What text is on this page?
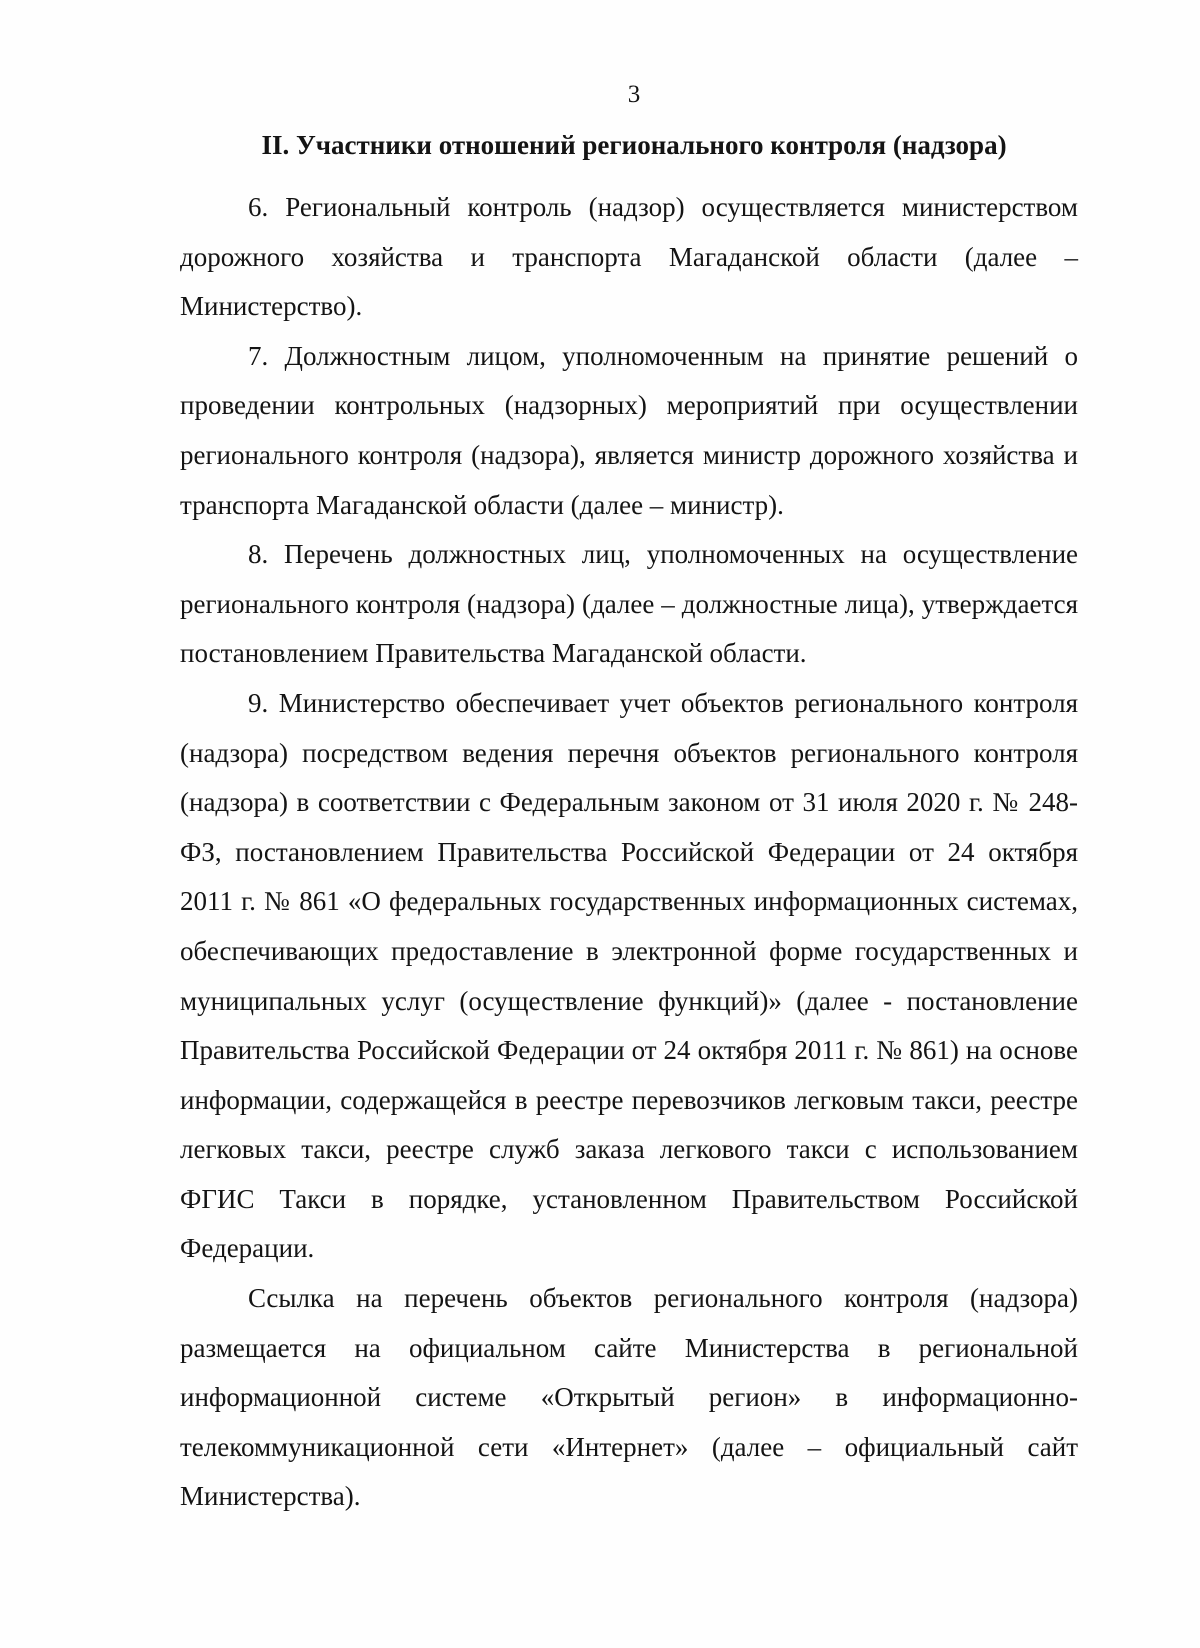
3
II. Участники отношений регионального контроля (надзора)

6. Региональный контроль (надзор) осуществляется министерством дорожного хозяйства и транспорта Магаданской области (далее – Министерство).

7. Должностным лицом, уполномоченным на принятие решений о проведении контрольных (надзорных) мероприятий при осуществлении регионального контроля (надзора), является министр дорожного хозяйства и транспорта Магаданской области (далее – министр).

8. Перечень должностных лиц, уполномоченных на осуществление регионального контроля (надзора) (далее – должностные лица), утверждается постановлением Правительства Магаданской области.

9. Министерство обеспечивает учет объектов регионального контроля (надзора) посредством ведения перечня объектов регионального контроля (надзора) в соответствии с Федеральным законом от 31 июля 2020 г. № 248-ФЗ, постановлением Правительства Российской Федерации от 24 октября 2011 г. № 861 «О федеральных государственных информационных системах, обеспечивающих предоставление в электронной форме государственных и муниципальных услуг (осуществление функций)» (далее - постановление Правительства Российской Федерации от 24 октября 2011 г. № 861) на основе информации, содержащейся в реестре перевозчиков легковым такси, реестре легковых такси, реестре служб заказа легкового такси с использованием ФГИС Такси в порядке, установленном Правительством Российской Федерации.

Ссылка на перечень объектов регионального контроля (надзора) размещается на официальном сайте Министерства в региональной информационной системе «Открытый регион» в информационно-телекоммуникационной сети «Интернет» (далее – официальный сайт Министерства).
